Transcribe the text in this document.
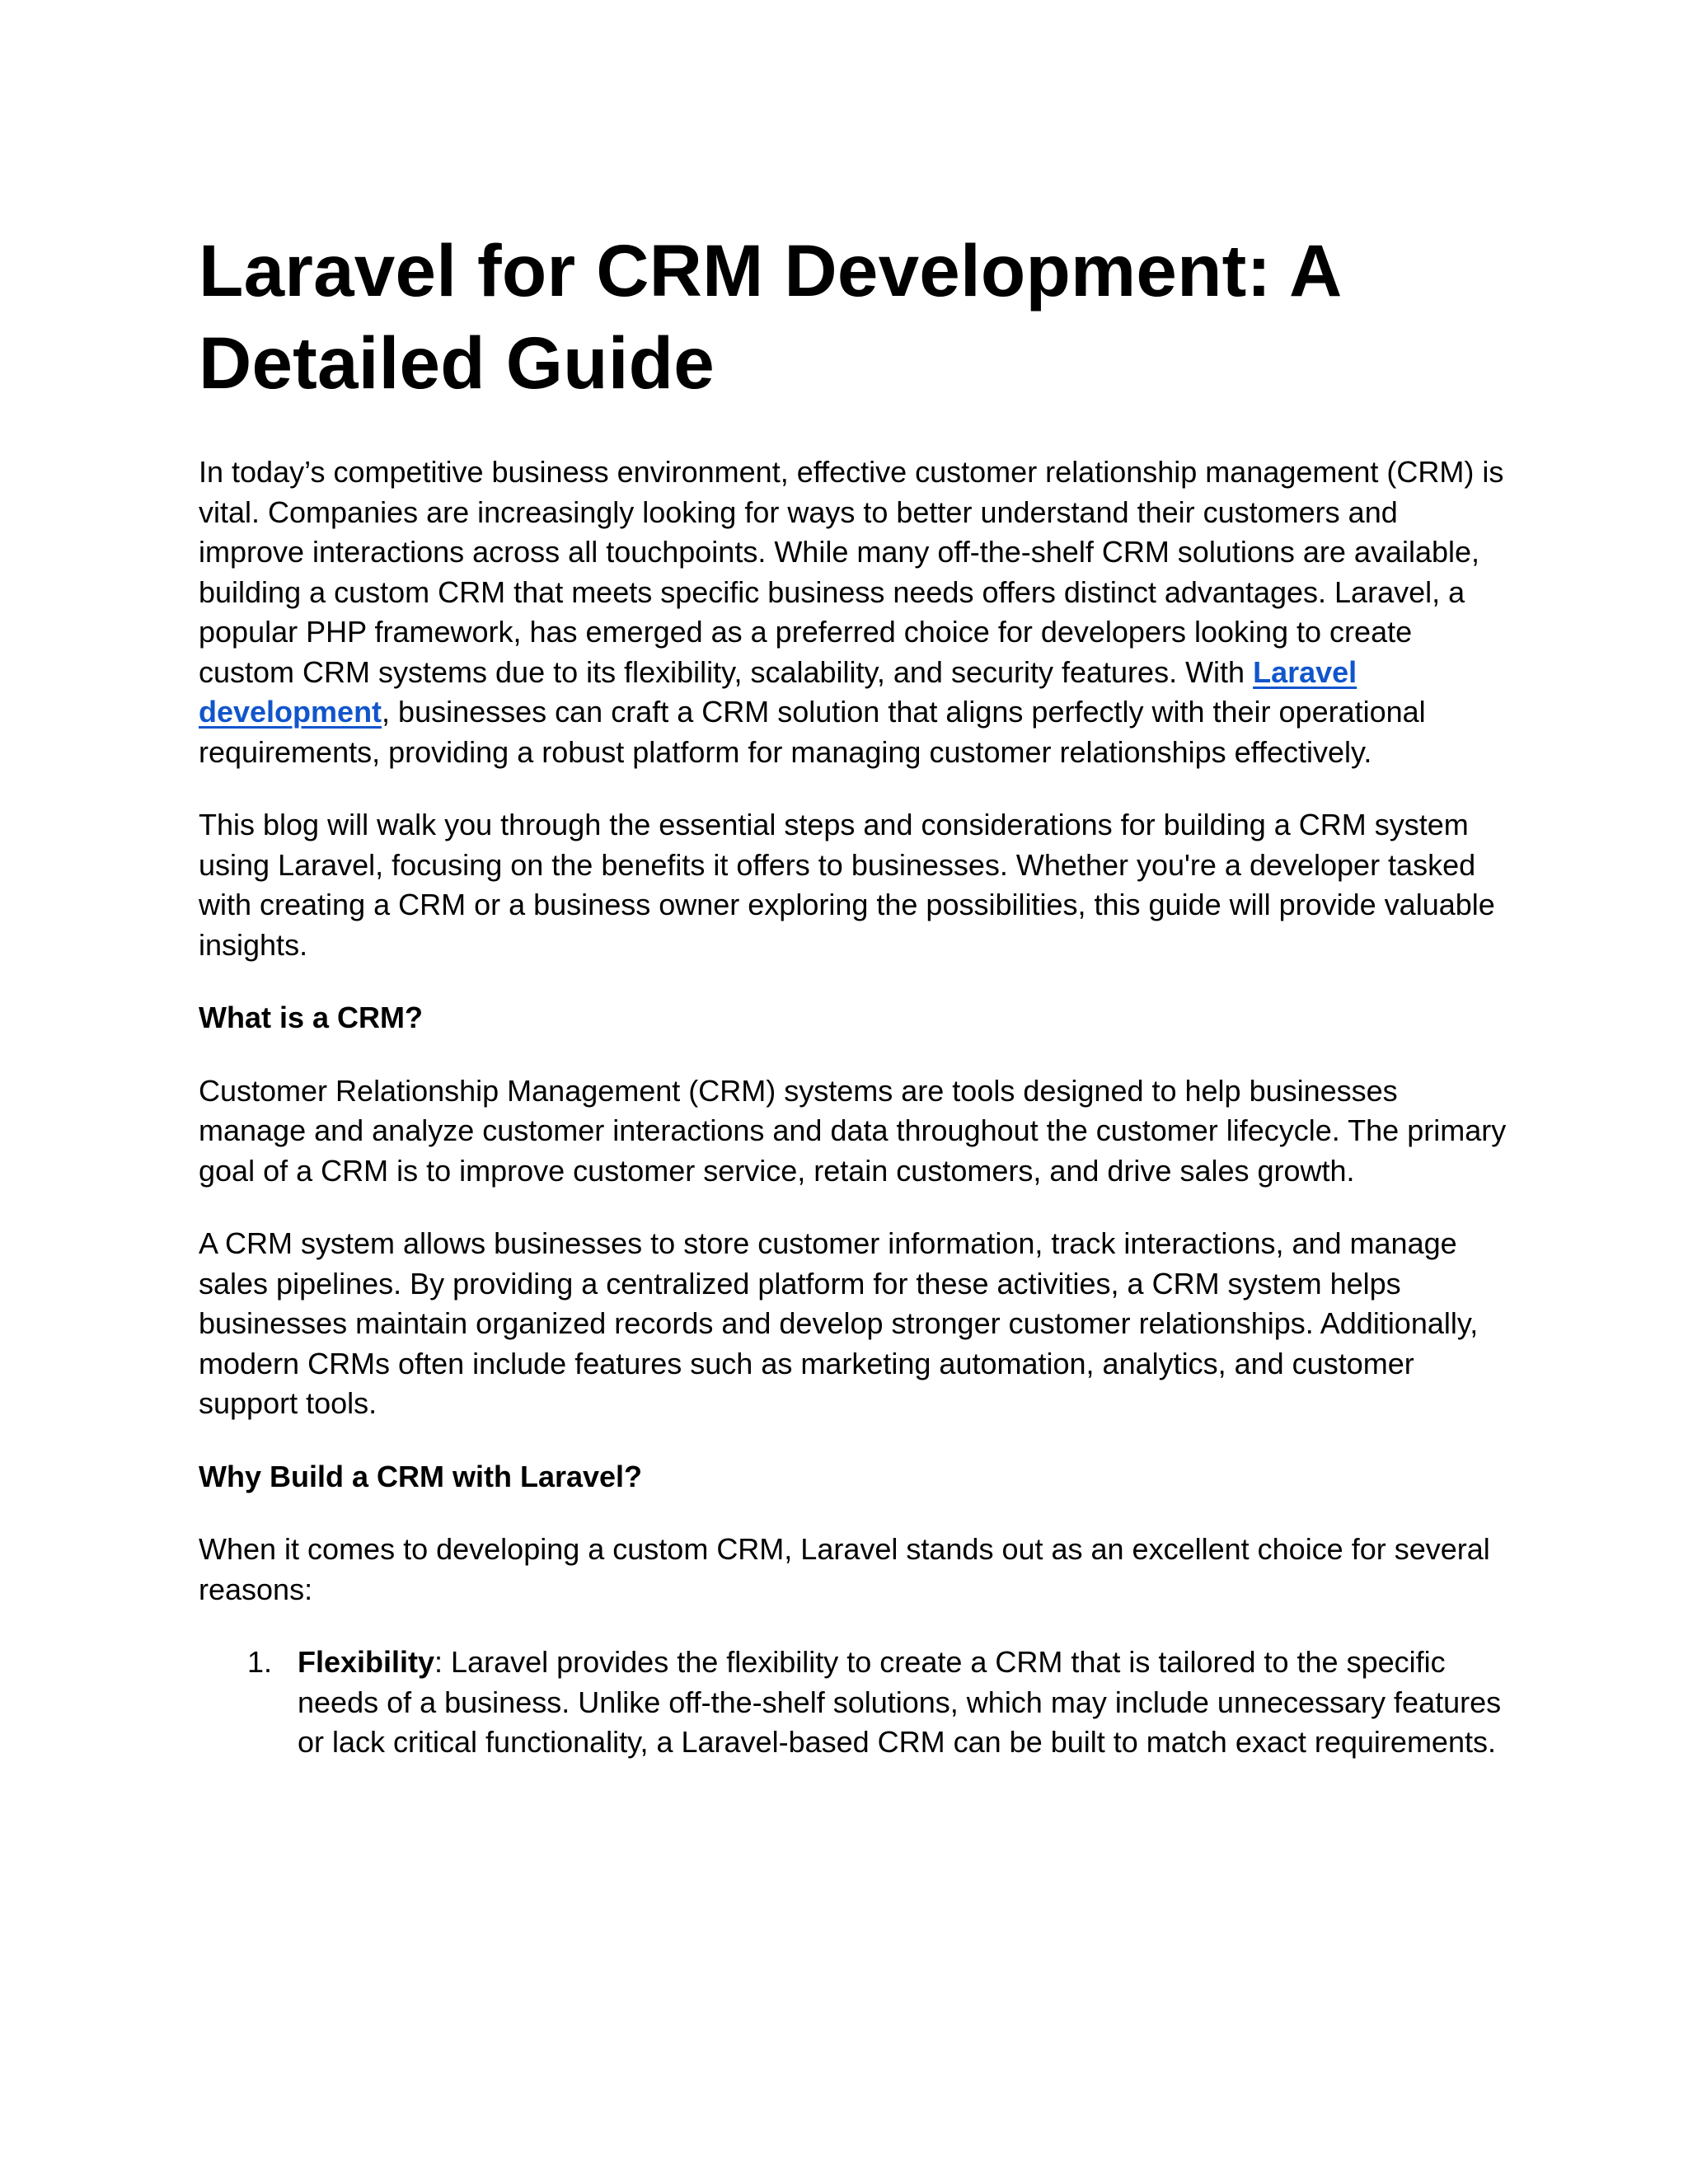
Laravel for CRM Development: A
Detailed Guide

In today’s competitive business environment, effective customer relationship management (CRM) is vital. Companies are increasingly looking for ways to better understand their customers and improve interactions across all touchpoints. While many off-the-shelf CRM solutions are available, building a custom CRM that meets specific business needs offers distinct advantages. Laravel, a popular PHP framework, has emerged as a preferred choice for developers looking to create custom CRM systems due to its flexibility, scalability, and security features. With Laravel development, businesses can craft a CRM solution that aligns perfectly with their operational requirements, providing a robust platform for managing customer relationships effectively.

This blog will walk you through the essential steps and considerations for building a CRM system using Laravel, focusing on the benefits it offers to businesses. Whether you're a developer tasked with creating a CRM or a business owner exploring the possibilities, this guide will provide valuable insights.

What is a CRM?

Customer Relationship Management (CRM) systems are tools designed to help businesses manage and analyze customer interactions and data throughout the customer lifecycle. The primary goal of a CRM is to improve customer service, retain customers, and drive sales growth.

A CRM system allows businesses to store customer information, track interactions, and manage sales pipelines. By providing a centralized platform for these activities, a CRM system helps businesses maintain organized records and develop stronger customer relationships. Additionally, modern CRMs often include features such as marketing automation, analytics, and customer support tools.

Why Build a CRM with Laravel?

When it comes to developing a custom CRM, Laravel stands out as an excellent choice for several reasons:

1. Flexibility: Laravel provides the flexibility to create a CRM that is tailored to the specific needs of a business. Unlike off-the-shelf solutions, which may include unnecessary features or lack critical functionality, a Laravel-based CRM can be built to match exact requirements.
